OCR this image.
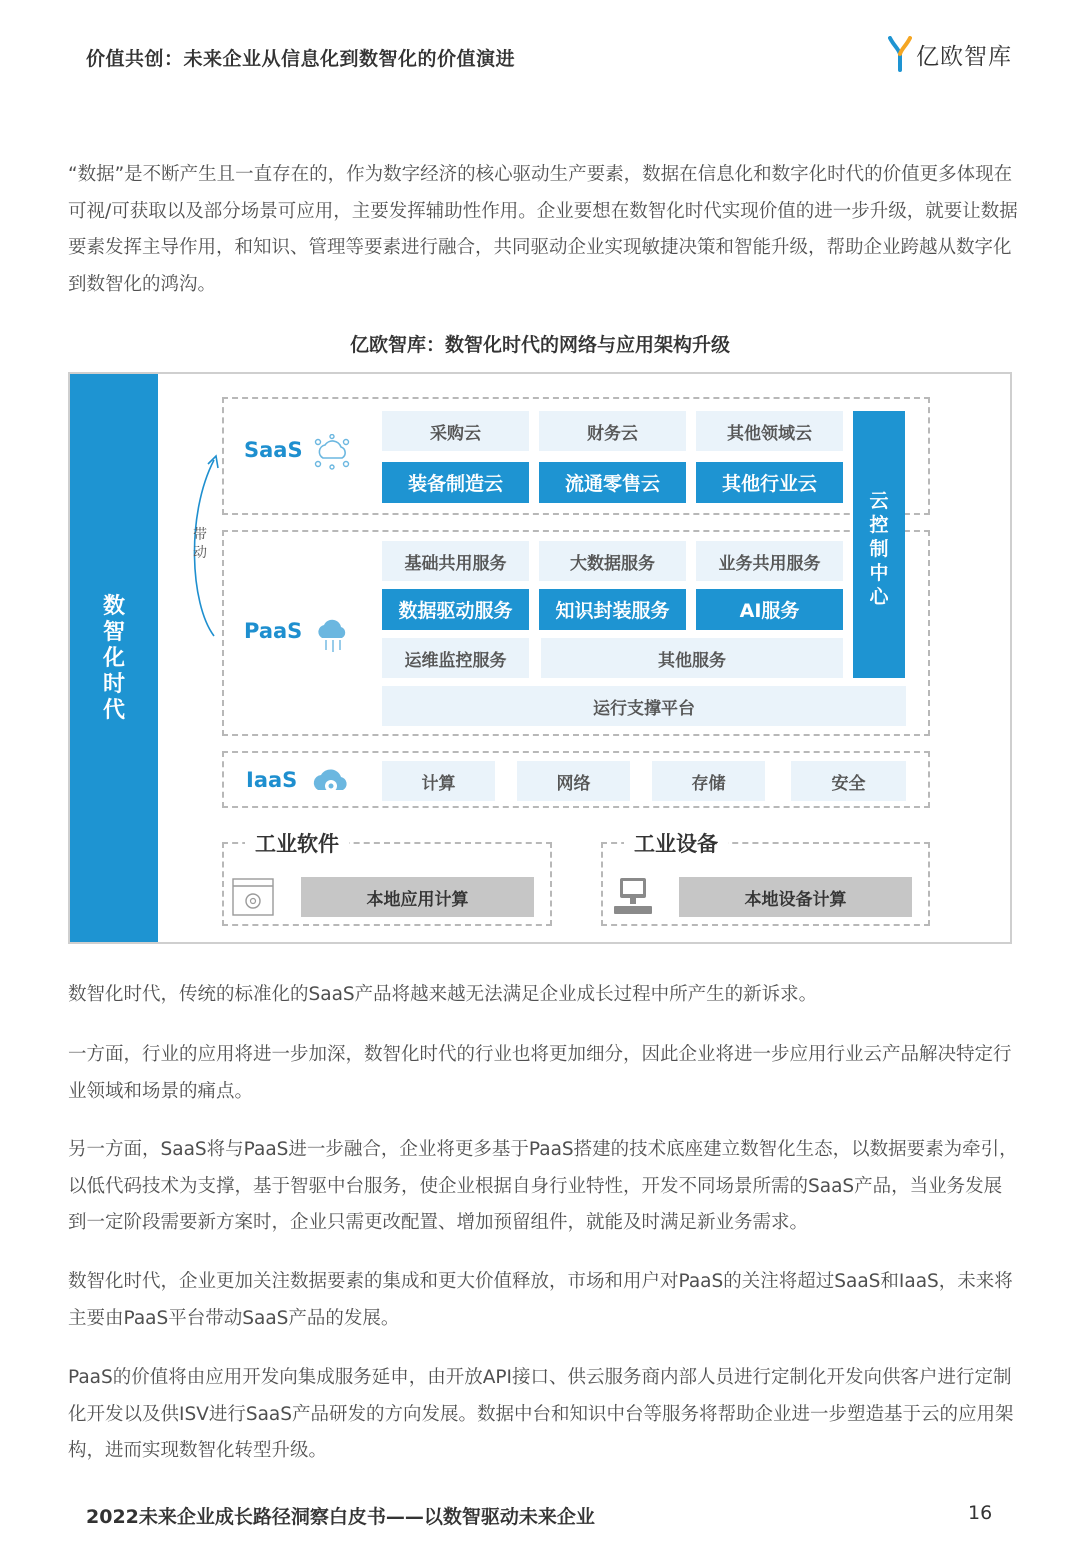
价值共创：未来企业从信息化到数智化的价值演进	亿欧智库
“数据”是不断产生且一直存在的，作为数字经济的核心驱动生产要素，数据在信息化和数字化时代的价值更多体现在可视/可获取以及部分场景可应用，主要发挥辅助性作用。企业要想在数智化时代实现价值的进一步升级，就要让数据要素发挥主导作用，和知识、管理等要素进行融合，共同驱动企业实现敏捷决策和智能升级，帮助企业跨越从数字化到数智化的鸿沟。
亿欧智库：数智化时代的网络与应用架构升级
数
智
化
时
代
带动
SaaS
采购云	财务云	其他领域云
装备制造云	流通零售云	其他行业云
PaaS
基础共用服务	大数据服务	业务共用服务
数据驱动服务	知识封装服务	AI服务
运维监控服务	其他服务
运行支撑平台
云
控
制
中
心
IaaS	计算	网络	存储	安全
工业软件
本地应用计算
工业设备
本地设备计算
数智化时代，传统的标准化的SaaS产品将越来越无法满足企业成长过程中所产生的新诉求。
一方面，行业的应用将进一步加深，数智化时代的行业也将更加细分，因此企业将进一步应用行业云产品解决特定行业领域和场景的痛点。
另一方面，SaaS将与PaaS进一步融合，企业将更多基于PaaS搭建的技术底座建立数智化生态，以数据要素为牵引，以低代码技术为支撑，基于智驱中台服务，使企业根据自身行业特性，开发不同场景所需的SaaS产品，当业务发展到一定阶段需要新方案时，企业只需更改配置、增加预留组件，就能及时满足新业务需求。
数智化时代，企业更加关注数据要素的集成和更大价值释放，市场和用户对PaaS的关注将超过SaaS和IaaS，未来将主要由PaaS平台带动SaaS产品的发展。
PaaS的价值将由应用开发向集成服务延申，由开放API接口、供云服务商内部人员进行定制化开发向供客户进行定制化开发以及供ISV进行SaaS产品研发的方向发展。数据中台和知识中台等服务将帮助企业进一步塑造基于云的应用架构，进而实现数智化转型升级。
2022未来企业成长路径洞察白皮书——以数智驱动未来企业	16
